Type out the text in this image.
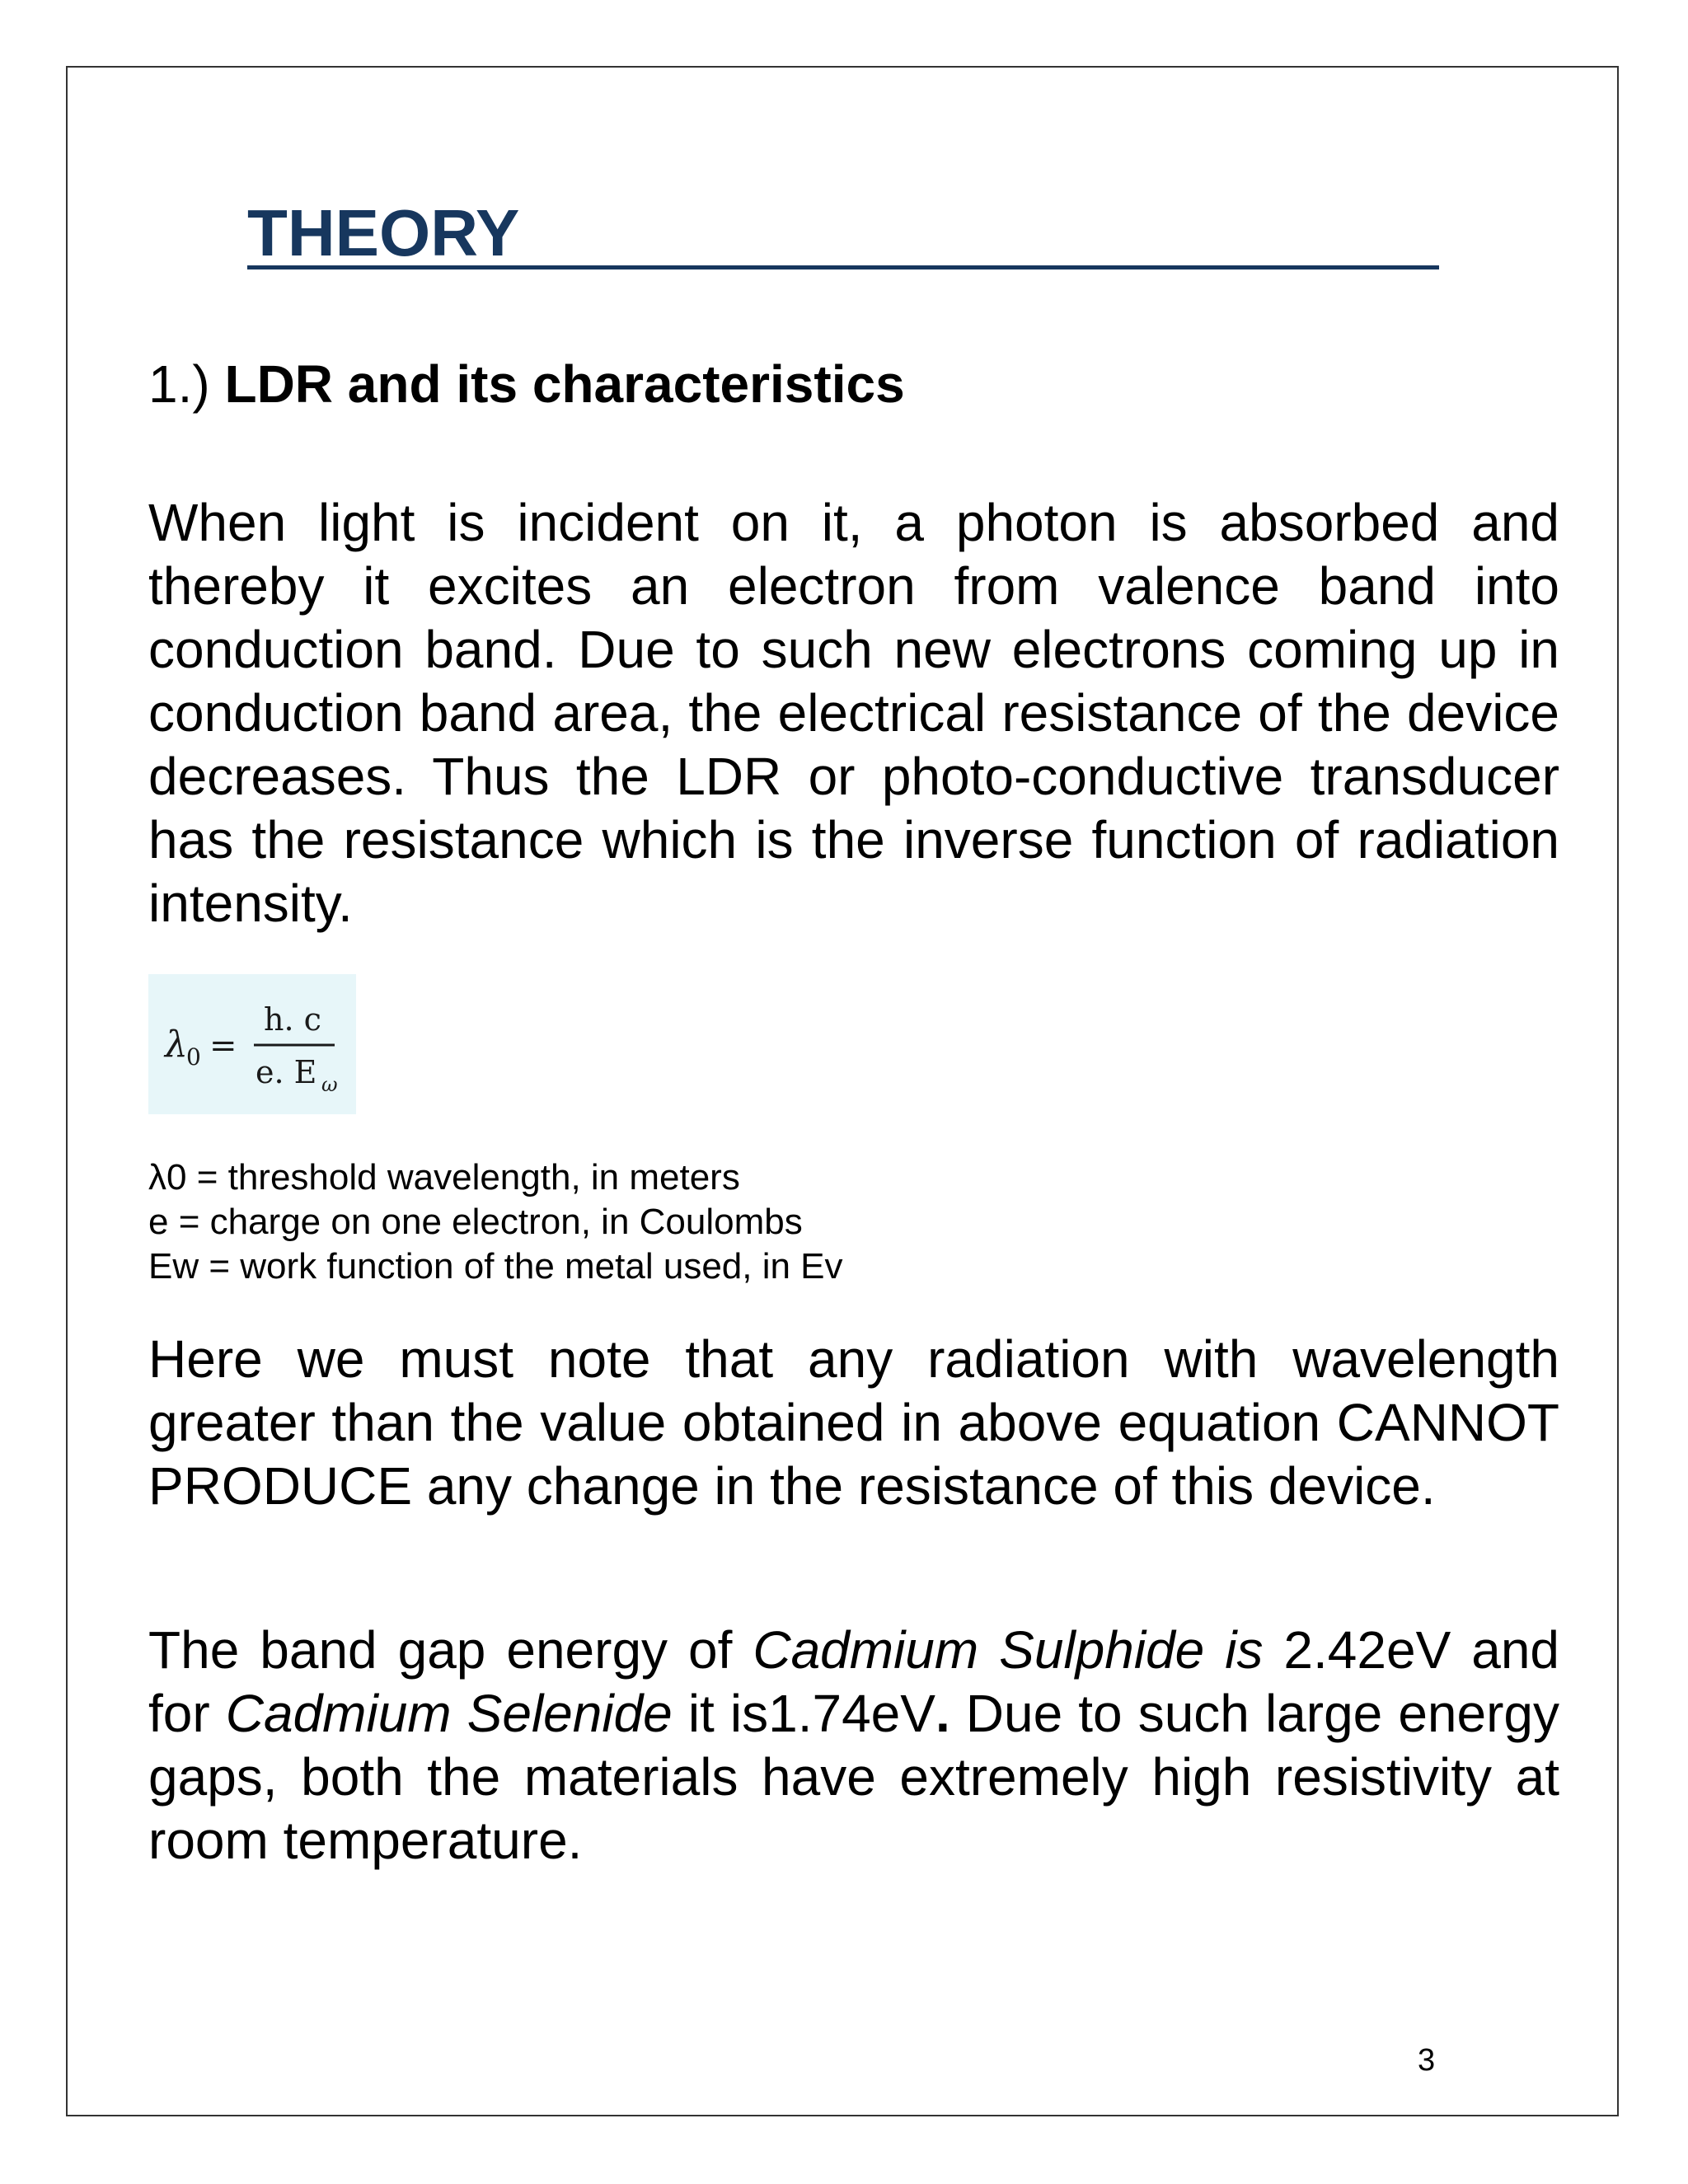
THEORY
1.) LDR and its characteristics
When light is incident on it, a photon is absorbed and thereby it excites an electron from valence band into conduction band. Due to such new electrons coming up in conduction band area, the electrical resistance of the device decreases. Thus the LDR or photo-conductive transducer has the resistance which is the inverse function of radiation intensity.
λ
0 =
h. c
e. E ω
λ0 = threshold wavelength, in meters
e = charge on one electron, in Coulombs
Ew = work function of the metal used, in Ev
Here we must note that any radiation with wavelength greater than the value obtained in above equation CANNOT PRODUCE any change in the resistance of this device.
The band gap energy of Cadmium Sulphide is 2.42eV and for Cadmium Selenide it is1.74eV. Due to such large energy gaps, both the materials have extremely high resistivity at room temperature.
3
